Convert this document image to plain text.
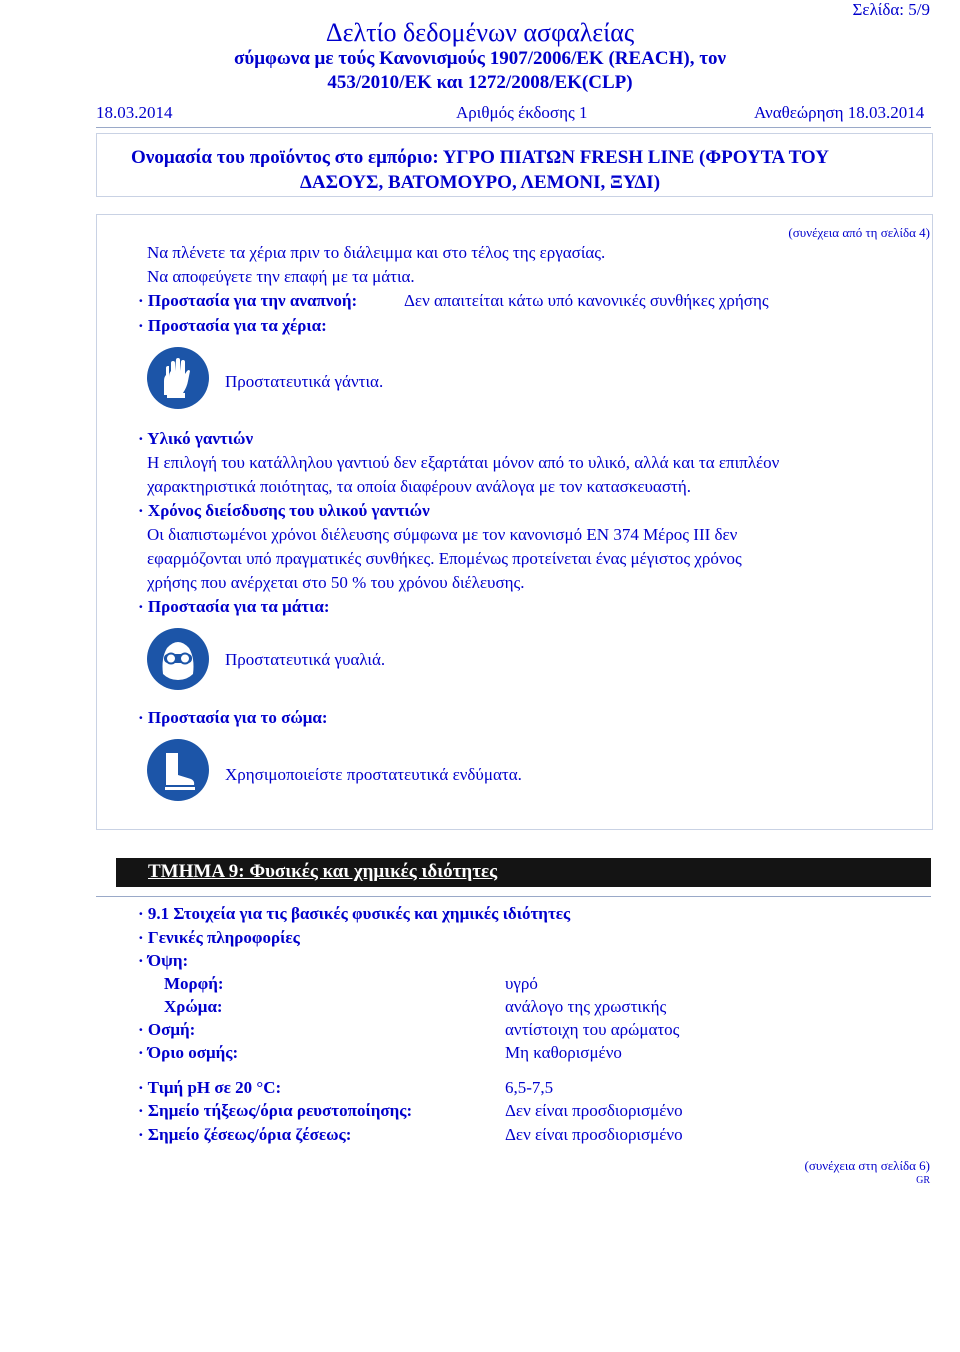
Σελίδα: 5/9
Δελτίο δεδομένων ασφαλείας
σύμφωνα με τούς Κανονισμούς 1907/2006/ΕΚ (REACH), τον
453/2010/ΕΚ και 1272/2008/ΕΚ(CLP)
18.03.2014	Αριθμός έκδοσης 1	Αναθεώρηση 18.03.2014
Ονομασία του προϊόντος στο εμπόριο: ΥΓΡΟ ΠΙΑΤΩΝ FRESH LINE (ΦΡΟΥΤΑ ΤΟΥ
ΔΑΣΟΥΣ, ΒΑΤΟΜΟΥΡΟ, ΛΕΜΟΝΙ, ΞΥΔΙ)
(συνέχεια από τη σελίδα 4)
Να πλένετε τα χέρια πριν το διάλειμμα και στο τέλος της εργασίας.
Να αποφεύγετε την επαφή με τα μάτια.
· Προστασία για την αναπνοή:	Δεν απαιτείται κάτω υπό κανονικές συνθήκες χρήσης
· Προστασία για τα χέρια:
Προστατευτικά γάντια.
· Υλικό γαντιών
Η επιλογή του κατάλληλου γαντιού δεν εξαρτάται μόνον από το υλικό, αλλά και τα επιπλέον
χαρακτηριστικά ποιότητας, τα οποία διαφέρουν ανάλογα με τον κατασκευαστή.
· Χρόνος διείσδυσης του υλικού γαντιών
Οι διαπιστωμένοι χρόνοι διέλευσης σύμφωνα με τον κανονισμό EN 374 Μέρος III δεν
εφαρμόζονται υπό πραγματικές συνθήκες. Επομένως προτείνεται ένας μέγιστος χρόνος
χρήσης που ανέρχεται στο 50 % του χρόνου διέλευσης.
· Προστασία για τα μάτια:
Προστατευτικά γυαλιά.
· Προστασία για το σώμα:
Χρησιμοποιείστε προστατευτικά ενδύματα.
ΤΜΗΜΑ 9: Φυσικές και χημικές ιδιότητες
· 9.1 Στοιχεία για τις βασικές φυσικές και χημικές ιδιότητες
· Γενικές πληροφορίες
· Όψη:
Μορφή:	υγρό
Χρώμα:	ανάλογο της χρωστικής
· Οσμή:	αντίστοιχη του αρώματος
· Όριο οσμής:	Μη καθορισμένο
· Τιμή pH σε 20 °C:	6,5-7,5
· Σημείο τήξεως/όρια ρευστοποίησης:	Δεν είναι προσδιορισμένο
· Σημείο ζέσεως/όρια ζέσεως:	Δεν είναι προσδιορισμένο
(συνέχεια στη σελίδα 6)
GR
